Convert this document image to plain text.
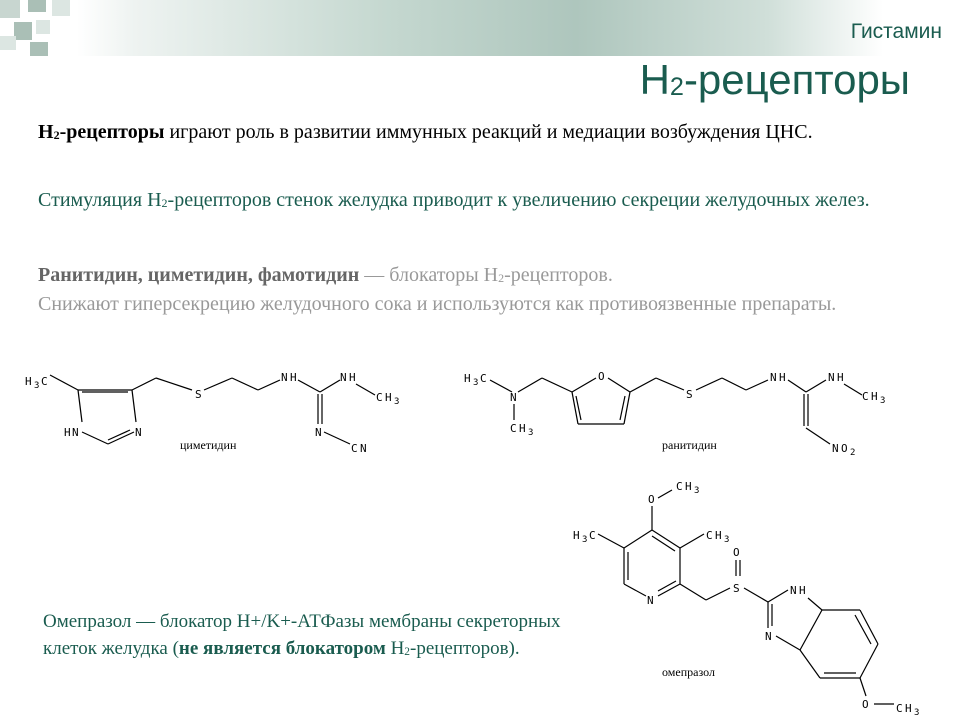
Гистамин
$H_2$-рецепторы
$H_2$-рецепторы играют роль в развитии иммунных реакций и медиации возбуждения ЦНС.
Стимуляция $H_2$-рецепторов стенок желудка приводит к увеличению секреции желудочных желез.
Ранитидин, циметидин, фамотидин — блокаторы $H_2$-рецепторов.
Снижают гиперсекрецию желудочного сока и используются как противоязвенные препараты.
Омепразол — блокатор H+/K+-АТФазы мембраны секреторных клеток желудка (не является блокатором $H_2-рецепторов$).
H 3 C
H N	N
S
N H	N H
C H 3
N
C N
циметидин
H 3 C
N
C H 3
O
S
N H	N H
C H 3
N O 2
ранитидин
O
C H 3
H 3 C	C H 3
N
S
O
N H
N
O C H 3
омепразол
